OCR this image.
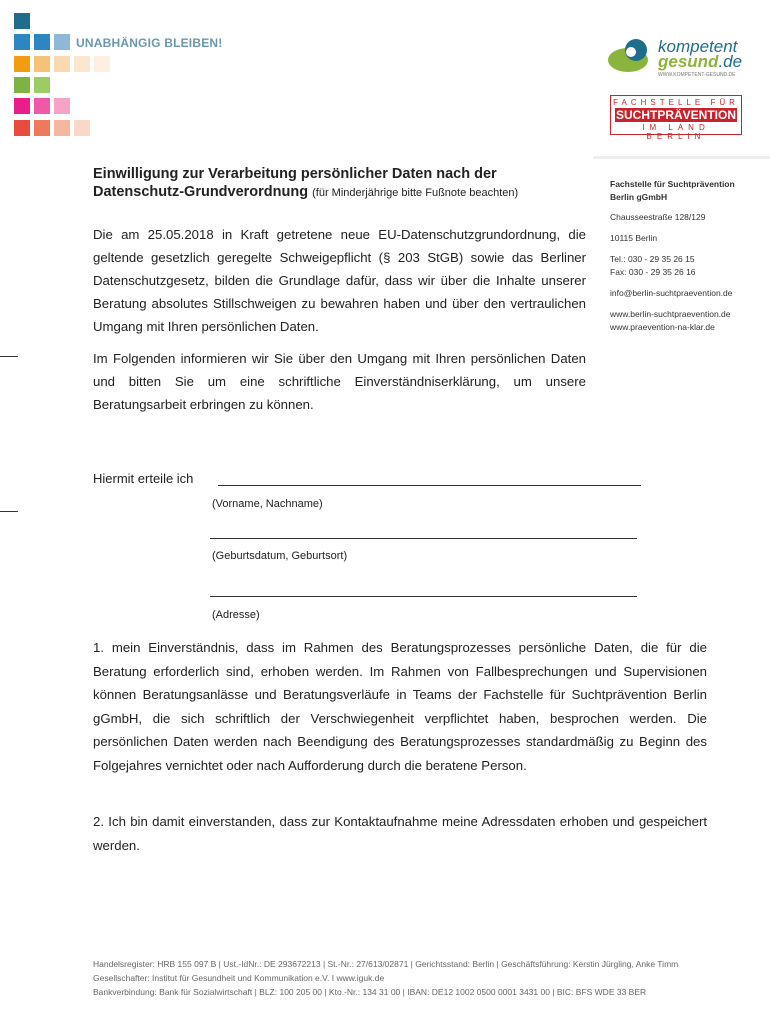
UNABHÄNGIG BLEIBEN!	kompetent
gesund.de
WWW.KOMPETENT-GESUND.DE
FACHSTELLE FÜR
SUCHTPRÄVENTION
IM LAND BERLIN
Einwilligung zur Verarbeitung persönlicher Daten nach der
Datenschutz-Grundverordnung (für Minderjährige bitte Fußnote beachten)
Die am 25.05.2018 in Kraft getretene neue EU-Datenschutzgrundordnung, die geltende gesetzlich geregelte Schweigepflicht (§ 203 StGB) sowie das Berliner Datenschutzgesetz, bilden die Grundlage dafür, dass wir über die Inhalte unserer Beratung absolutes Stillschweigen zu bewahren haben und über den vertraulichen Umgang mit Ihren persönlichen Daten.
Im Folgenden informieren wir Sie über den Umgang mit Ihren persönlichen Daten und bitten Sie um eine schriftliche Einverständniserklärung, um unsere Beratungsarbeit erbringen zu können.
Fachstelle für Suchtprävention
Berlin gGmbH
Chausseestraße 128/129
10115 Berlin
Tel.: 030 - 29 35 26 15
Fax: 030 - 29 35 26 16
info@berlin-suchtpraevention.de
www.berlin-suchtpraevention.de
www.praevention-na-klar.de
Hiermit erteile ich
(Vorname, Nachname)
(Geburtsdatum, Geburtsort)
(Adresse)
1. mein Einverständnis, dass im Rahmen des Beratungsprozesses persönliche Daten, die für die Beratung erforderlich sind, erhoben werden. Im Rahmen von Fallbesprechungen und Supervisionen können Beratungsanlässe und Beratungsverläufe in Teams der Fachstelle für Suchtprävention Berlin gGmbH, die sich schriftlich der Verschwiegenheit verpflichtet haben, besprochen werden. Die persönlichen Daten werden nach Beendigung des Beratungsprozesses standardmäßig zu Beginn des Folgejahres vernichtet oder nach Aufforderung durch die beratene Person.
2. Ich bin damit einverstanden, dass zur Kontaktaufnahme meine Adressdaten erhoben und gespeichert werden.
Handelsregister: HRB 155 097 B | Ust.-IdNr.: DE 293672213 | St.-Nr.: 27/613/02871 | Gerichtsstand: Berlin | Geschäftsführung: Kerstin Jürgling, Anke Timm
Gesellschafter: Institut für Gesundheit und Kommunikation e.V. I www.iguk.de
Bankverbindung: Bank für Sozialwirtschaft | BLZ: 100 205 00 | Kto.-Nr.: 134 31 00 | IBAN: DE12 1002 0500 0001 3431 00 | BIC: BFS WDE 33 BER
